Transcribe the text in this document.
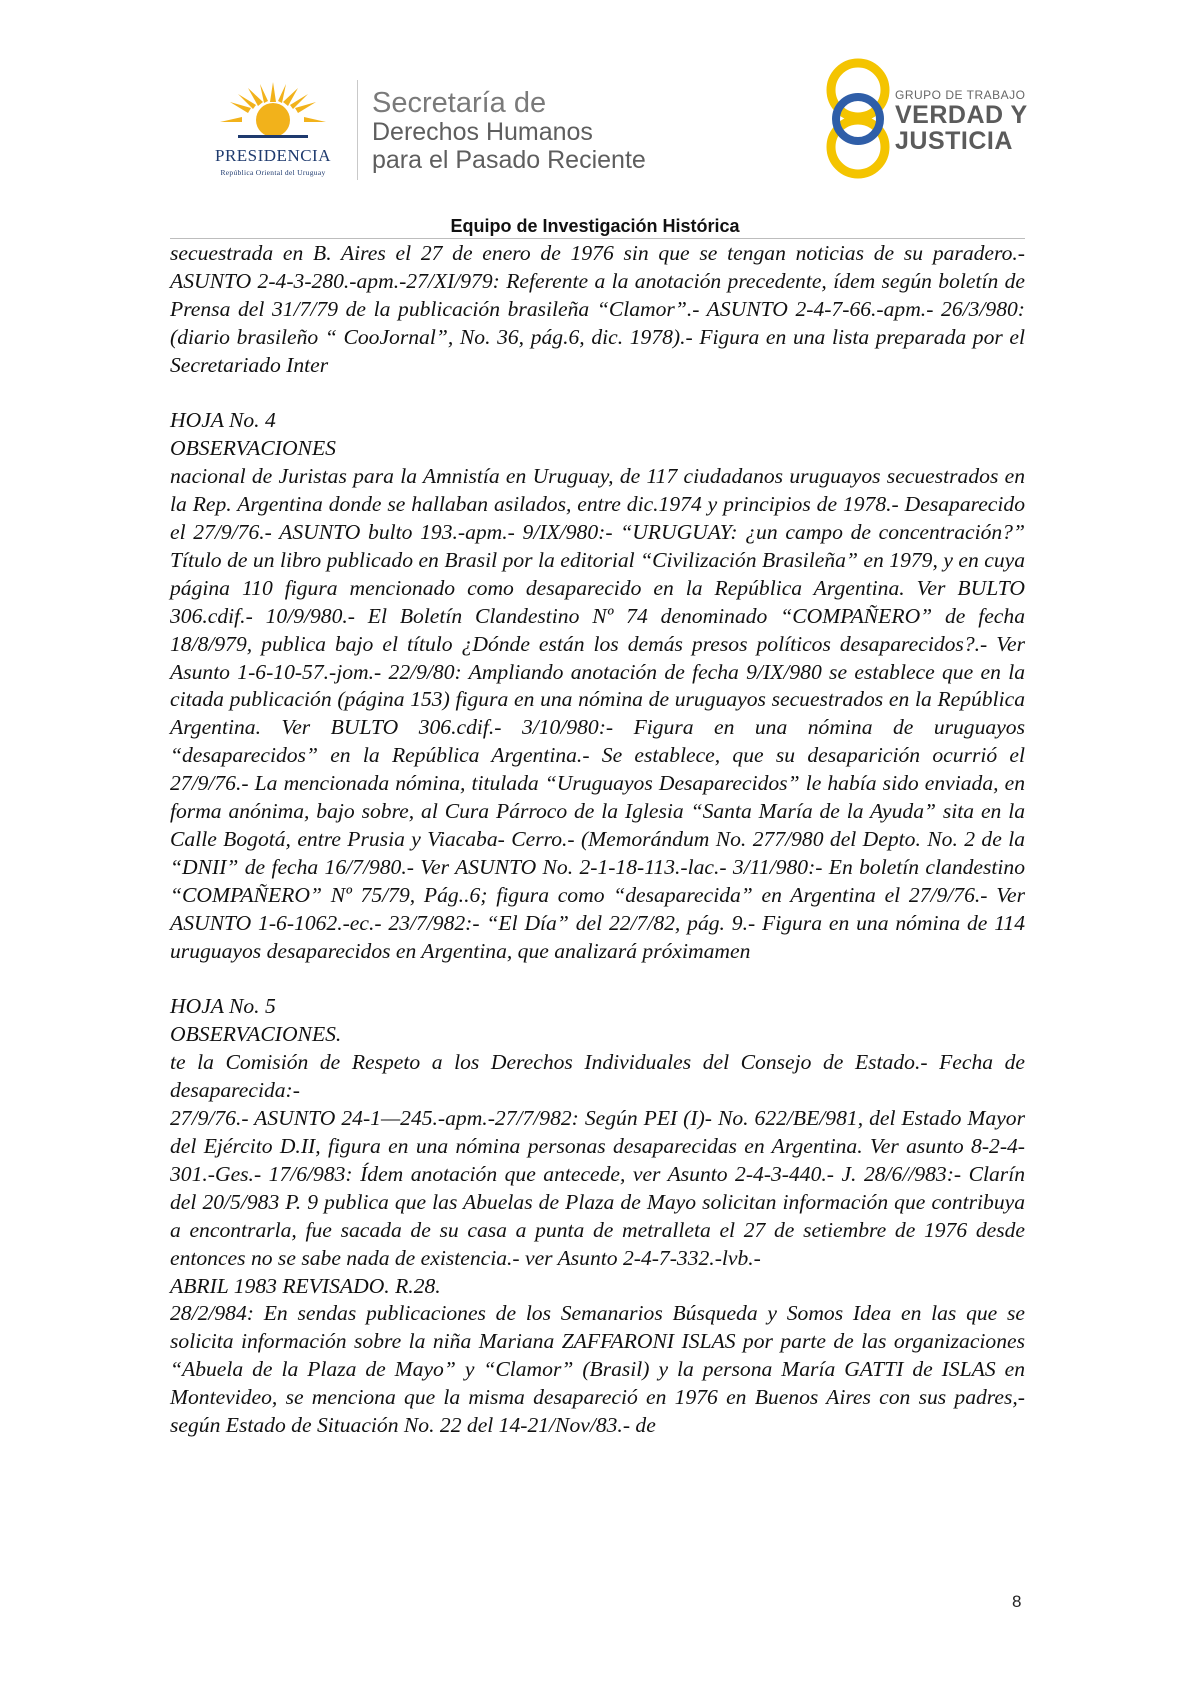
PRESIDENCIA
República Oriental del Uruguay
Secretaría de
Derechos Humanos
para el Pasado Reciente
GRUPO DE TRABAJO
VERDAD Y
JUSTICIA
Equipo de Investigación Histórica

secuestrada en B. Aires el 27 de enero de 1976 sin que se tengan noticias de su paradero.- ASUNTO 2-4-3-280.-apm.-27/XI/979: Referente a la anotación precedente, ídem según boletín de Prensa del 31/7/79 de la publicación brasileña “Clamor”.- ASUNTO 2-4-7-66.-apm.- 26/3/980: (diario brasileño “ CooJornal”, No. 36, pág.6, dic. 1978).- Figura en una lista preparada por el Secretariado Inter

HOJA No. 4

OBSERVACIONES

nacional de Juristas para la Amnistía en Uruguay, de 117 ciudadanos uruguayos secuestrados en la Rep. Argentina donde se hallaban asilados, entre dic.1974 y principios de 1978.- Desaparecido el 27/9/76.- ASUNTO bulto 193.-apm.- 9/IX/980:- “URUGUAY: ¿un campo de concentración?” Título de un libro publicado en Brasil por la editorial “Civilización Brasileña” en 1979, y en cuya página 110 figura mencionado como desaparecido en la República Argentina. Ver BULTO 306.cdif.- 10/9/980.- El Boletín Clandestino Nº 74 denominado “COMPAÑERO” de fecha 18/8/979, publica bajo el título ¿Dónde están los demás presos políticos desaparecidos?.- Ver Asunto 1-6-10-57.-jom.- 22/9/80: Ampliando anotación de fecha 9/IX/980 se establece que en la citada publicación (página 153) figura en una nómina de uruguayos secuestrados en la República Argentina. Ver BULTO 306.cdif.- 3/10/980:- Figura en una nómina de uruguayos “desaparecidos” en la República Argentina.- Se establece, que su desaparición ocurrió el 27/9/76.- La mencionada nómina, titulada “Uruguayos Desaparecidos” le había sido enviada, en forma anónima, bajo sobre, al Cura Párroco de la Iglesia “Santa María de la Ayuda” sita en la Calle Bogotá, entre Prusia y Viacaba- Cerro.- (Memorándum No. 277/980 del Depto. No. 2 de la “DNII” de fecha 16/7/980.- Ver ASUNTO No. 2-1-18-113.-lac.- 3/11/980:- En boletín clandestino “COMPAÑERO” Nº 75/79, Pág..6; figura como “desaparecida” en Argentina el 27/9/76.- Ver ASUNTO 1-6-1062.-ec.- 23/7/982:- “El Día” del 22/7/82, pág. 9.- Figura en una nómina de 114 uruguayos desaparecidos en Argentina, que analizará próximamen

HOJA No. 5

OBSERVACIONES.

te la Comisión de Respeto a los Derechos Individuales del Consejo de Estado.- Fecha de desaparecida:-

27/9/76.- ASUNTO 24-1—245.-apm.-27/7/982: Según PEI (I)- No. 622/BE/981, del Estado Mayor del Ejército D.II, figura en una nómina personas desaparecidas en Argentina. Ver asunto 8-2-4-301.-Ges.- 17/6/983: Ídem anotación que antecede, ver Asunto 2-4-3-440.- J. 28/6//983:- Clarín del 20/5/983 P. 9 publica que las Abuelas de Plaza de Mayo solicitan información que contribuya a encontrarla, fue sacada de su casa a punta de metralleta el 27 de setiembre de 1976 desde entonces no se sabe nada de existencia.- ver Asunto 2-4-7-332.-lvb.-

ABRIL 1983 REVISADO. R.28.

28/2/984: En sendas publicaciones de los Semanarios Búsqueda y Somos Idea en las que se solicita información sobre la niña Mariana ZAFFARONI ISLAS por parte de las organizaciones “Abuela de la Plaza de Mayo” y “Clamor” (Brasil) y la persona María GATTI de ISLAS en Montevideo, se menciona que la misma desapareció en 1976 en Buenos Aires con sus padres,- según Estado de Situación No. 22 del 14-21/Nov/83.- de

8
